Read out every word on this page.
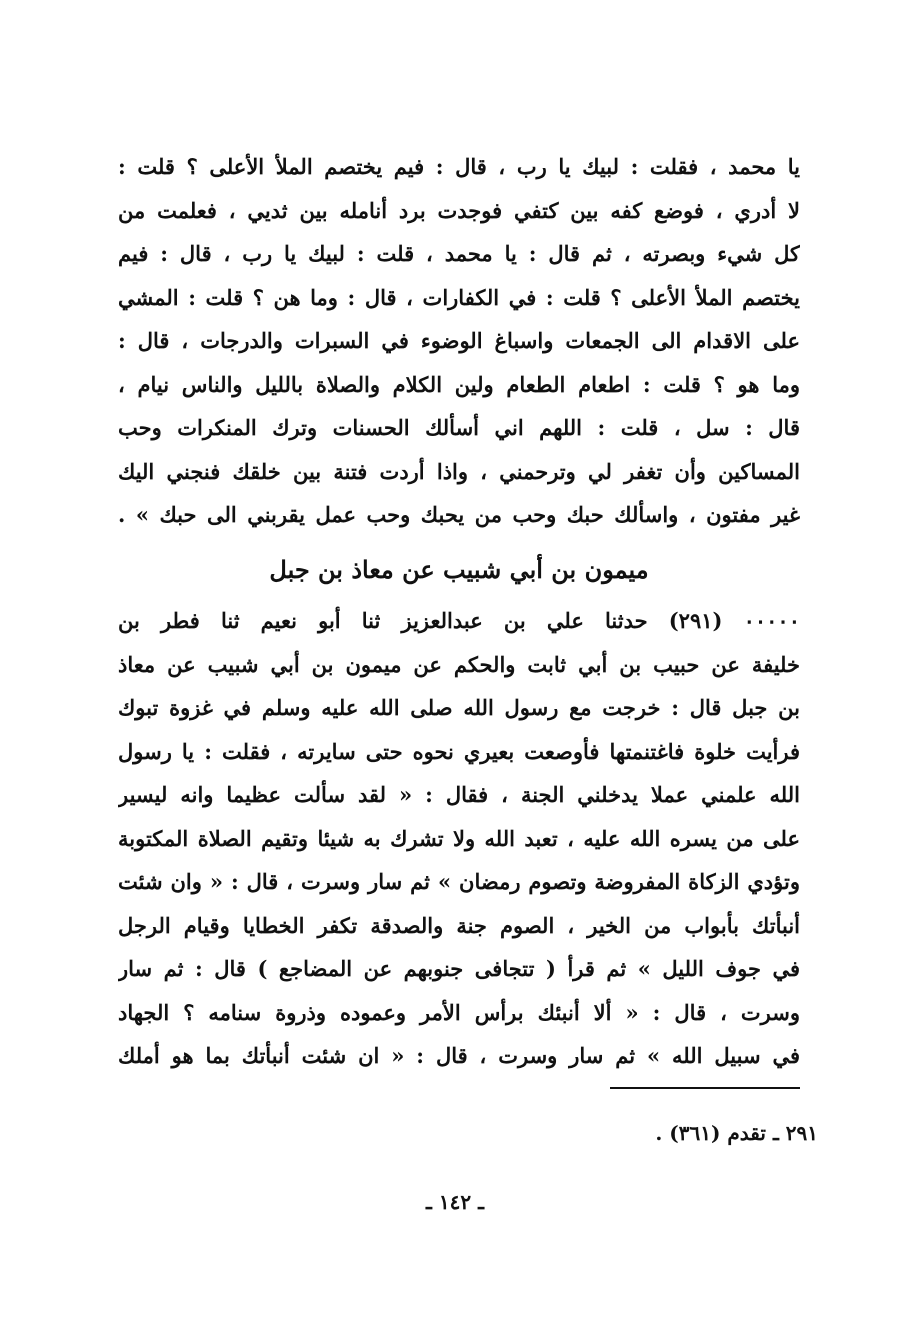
يا محمد ، فقلت : لبيك يا رب ، قال : فيم يختصم الملأ الأعلى ؟ قلت :
لا أدري ، فوضع كفه بين كتفي فوجدت برد أنامله بين ثديي ، فعلمت من
كل شيء وبصرته ، ثم قال : يا محمد ، قلت : لبيك يا رب ، قال : فيم
يختصم الملأ الأعلى ؟ قلت : في الكفارات ، قال : وما هن ؟ قلت : المشي
على الاقدام الى الجمعات واسباغ الوضوء في السبرات والدرجات ، قال :
وما هو ؟ قلت : اطعام الطعام ولين الكلام والصلاة بالليل والناس نيام ،
قال : سل ، قلت : اللهم اني أسألك الحسنات وترك المنكرات وحب
المساكين وأن تغفر لي وترحمني ، واذا أردت فتنة بين خلقك فنجني اليك
غير مفتون ، واسألك حبك وحب من يحبك وحب عمل يقربني الى حبك » .
ميمون بن أبي شبيب عن معاذ بن جبل
٠٠٠٠٠ (٢٩١) حدثنا علي بن عبدالعزيز ثنا أبو نعيم ثنا فطر بن
خليفة عن حبيب بن أبي ثابت والحكم عن ميمون بن أبي شبيب عن معاذ
بن جبل قال : خرجت مع رسول الله صلى الله عليه وسلم في غزوة تبوك
فرأيت خلوة فاغتنمتها فأوصعت بعيري نحوه حتى سايرته ، فقلت : يا رسول
الله علمني عملا يدخلني الجنة ، فقال : « لقد سألت عظيما وانه ليسير
على من يسره الله عليه ، تعبد الله ولا تشرك به شيئا وتقيم الصلاة المكتوبة
وتؤدي الزكاة المفروضة وتصوم رمضان » ثم سار وسرت ، قال : « وان شئت
أنبأتك بأبواب من الخير ، الصوم جنة والصدقة تكفر الخطايا وقيام الرجل
في جوف الليل » ثم قرأ ( تتجافى جنوبهم عن المضاجع ) قال : ثم سار
وسرت ، قال : « ألا أنبئك برأس الأمر وعموده وذروة سنامه ؟ الجهاد
في سبيل الله » ثم سار وسرت ، قال : « ان شئت أنبأتك بما هو أملك
٢٩١ ـ تقدم (٣٦١) .
ـ ١٤٢ ـ
